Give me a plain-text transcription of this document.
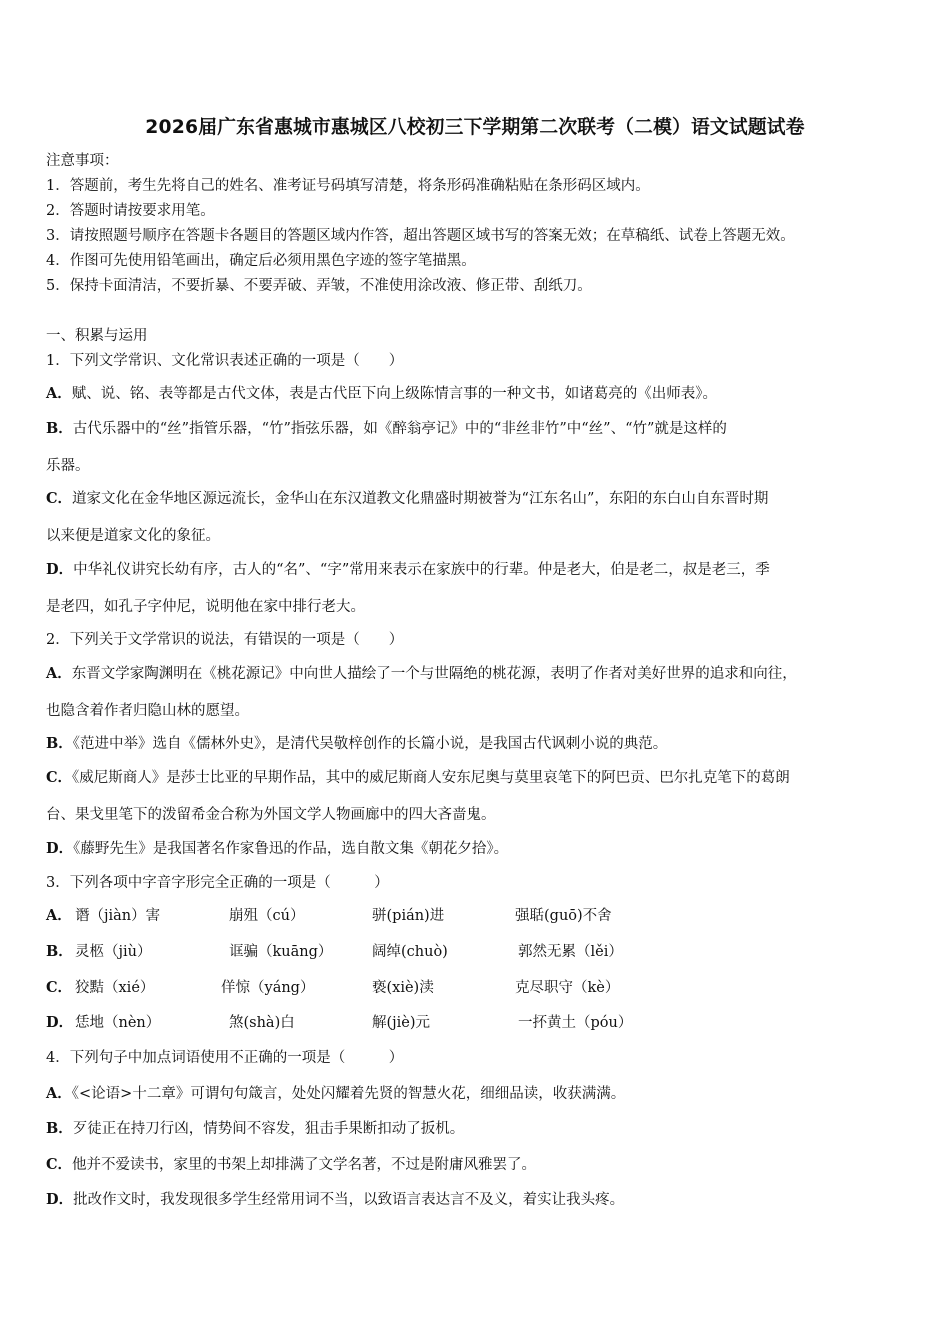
2026届广东省惠城市惠城区八校初三下学期第二次联考（二模）语文试题试卷
注意事项：
1．答题前，考生先将自己的姓名、准考证号码填写清楚，将条形码准确粘贴在条形码区域内。
2．答题时请按要求用笔。
3．请按照题号顺序在答题卡各题目的答题区域内作答，超出答题区域书写的答案无效；在草稿纸、试卷上答题无效。
4．作图可先使用铅笔画出，确定后必须用黑色字迹的签字笔描黑。
5．保持卡面清洁，不要折暴、不要弄破、弄皱，不准使用涂改液、修正带、刮纸刀。
一、积累与运用
1．下列文学常识、文化常识表述正确的一项是（　　）
A．赋、说、铭、表等都是古代文体，表是古代臣下向上级陈情言事的一种文书，如诸葛亮的《出师表》。
B．古代乐器中的“丝”指管乐器，“竹”指弦乐器，如《醉翁亭记》中的“非丝非竹”中“丝”、“竹”就是这样的
乐器。
C．道家文化在金华地区源远流长，金华山在东汉道教文化鼎盛时期被誉为“江东名山”，东阳的东白山自东晋时期
以来便是道家文化的象征。
D．中华礼仪讲究长幼有序，古人的“名”、“字”常用来表示在家族中的行辈。仲是老大，伯是老二，叔是老三，季
是老四，如孔子字仲尼，说明他在家中排行老大。
2．下列关于文学常识的说法，有错误的一项是（　　）
A．东晋文学家陶渊明在《桃花源记》中向世人描绘了一个与世隔绝的桃花源，表明了作者对美好世界的追求和向往，
也隐含着作者归隐山林的愿望。
B．《范进中举》选自《儒林外史》，是清代吴敬梓创作的长篇小说，是我国古代讽刺小说的典范。
C．《威尼斯商人》是莎士比亚的早期作品，其中的威尼斯商人安东尼奥与莫里哀笔下的阿巴贡、巴尔扎克笔下的葛朗
台、果戈里笔下的泼留希金合称为外国文学人物画廊中的四大吝啬鬼。
D．《藤野先生》是我国著名作家鲁迅的作品，选自散文集《朝花夕拾》。
3．下列各项中字音字形完全正确的一项是（　　　）
A． 谮（jiàn）害	崩殂（cú）	骈(pián)进	强聒(guō)不舍
B． 灵柩（jiù）	诓骗（kuāng）	阔绰(chuò)	郭然无累（lěi）
C． 狡黠（xié）	佯惊（yáng）	亵(xiè)渎	克尽职守（kè）
D． 恁地（nèn）	煞(shà)白	解(jiè)元	一抔黄土（póu）
4．下列句子中加点词语使用不正确的一项是（　　　）
A．《<论语>十二章》可谓句句箴言，处处闪耀着先贤的智慧火花，细细品读，收获满满。
B．歹徒正在持刀行凶，情势间不容发，狙击手果断扣动了扳机。
C．他并不爱读书，家里的书架上却排满了文学名著，不过是附庸风雅罢了。
D．批改作文时，我发现很多学生经常用词不当，以致语言表达言不及义，着实让我头疼。
